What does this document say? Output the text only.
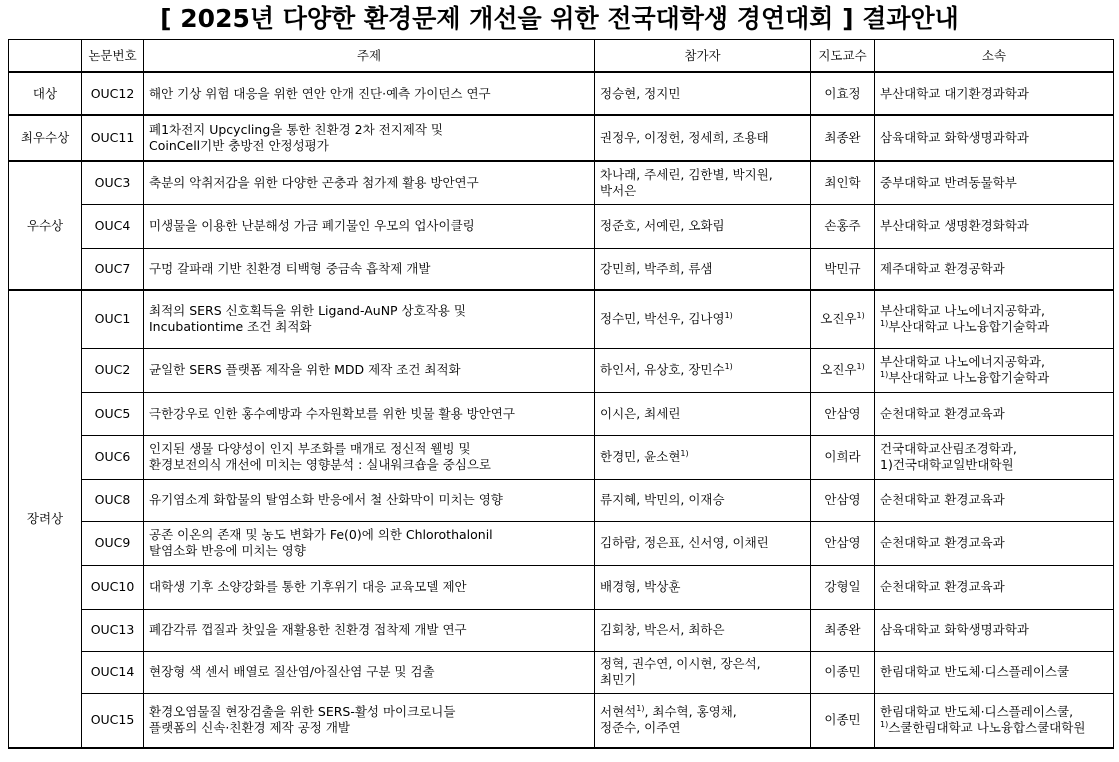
[ 2025년 다양한 환경문제 개선을 위한 전국대학생 경연대회 ] 결과안내
	논문번호	주제	참가자	지도교수	소속
대상	OUC12	해안 기상 위험 대응을 위한 연안 안개 진단·예측 가이던스 연구	정승현, 정지민	이효정	부산대학교 대기환경과학과

최우수상	OUC11	폐1차전지 Upcycling을 통한 친환경 2차 전지제작 및
CoinCell기반 충방전 안정성평가	권정우, 이정헌, 정세희, 조용태	최종완	삼육대학교 화학생명과학과

우수상	OUC3	축분의 악취저감을 위한 다양한 곤충과 첨가제 활용 방안연구	차나래, 주세린, 김한별, 박지원,
박서은	최인학	중부대학교 반려동물학부

	OUC4	미생물을 이용한 난분해성 가금 폐기물인 우모의 업사이클링	정준호, 서예린, 오화림	손홍주	부산대학교 생명환경화학과

	OUC7	구멍 갈파래 기반 친환경 티백형 중금속 흡착제 개발	강민희, 박주희, 류샘	박민규	제주대학교 환경공학과

장려상	OUC1	최적의 SERS 신호획득을 위한 Ligand-AuNP 상호작용 및
Incubationtime 조건 최적화	정수민, 박선우, 김나영$^{1)}$	오진우$^{1)}$	부산대학교 나노에너지공학과,
$^{1)}$부산대학교 나노융합기술학과

	OUC2	균일한 SERS 플랫폼 제작을 위한 MDD 제작 조건 최적화	하인서, 유상호, 장민수$^{1)}$	오진우$^{1)}$	부산대학교 나노에너지공학과,
$^{1)}$부산대학교 나노융합기술학과

	OUC5	극한강우로 인한 홍수예방과 수자원확보를 위한 빗물 활용 방안연구	이시은, 최세린	안삼영	순천대학교 환경교육과

	OUC6	인지된 생물 다양성이 인지 부조화를 매개로 정신적 웰빙 및
환경보전의식 개선에 미치는 영향분석 : 실내워크숍을 중심으로	한경민, 윤소현$^{1)}$	이희라	건국대학교산림조경학과,
1)건국대학교일반대학원

	OUC8	유기염소계 화합물의 탈염소화 반응에서 철 산화막이 미치는 영향	류지혜, 박민의, 이재승	안삼영	순천대학교 환경교육과

	OUC9	공존 이온의 존재 및 농도 변화가 Fe(0)에 의한 Chlorothalonil
탈염소화 반응에 미치는 영향	김하람, 정은표, 신서영, 이채린	안삼영	순천대학교 환경교육과

	OUC10	대학생 기후 소양강화를 통한 기후위기 대응 교육모델 제안	배경형, 박상훈	강형일	순천대학교 환경교육과

	OUC13	폐감각류 껍질과 찻잎을 재활용한 친환경 접착제 개발 연구	김회창, 박은서, 최하은	최종완	삼육대학교 화학생명과학과

	OUC14	현장형 색 센서 배열로 질산염/아질산염 구분 및 검출	정혁, 권수연, 이시현, 장은석,
최민기	이종민	한림대학교 반도체·디스플레이스쿨

	OUC15	환경오염물질 현장검출을 위한 SERS-활성 마이크로니들
플랫폼의 신속·친환경 제작 공정 개발	서현석$^{1)}$, 최수혁, 홍영채,
정준수, 이주연	이종민	한림대학교 반도체·디스플레이스쿨,
$^{1)}$스쿨한림대학교 나노융합스쿨대학원
